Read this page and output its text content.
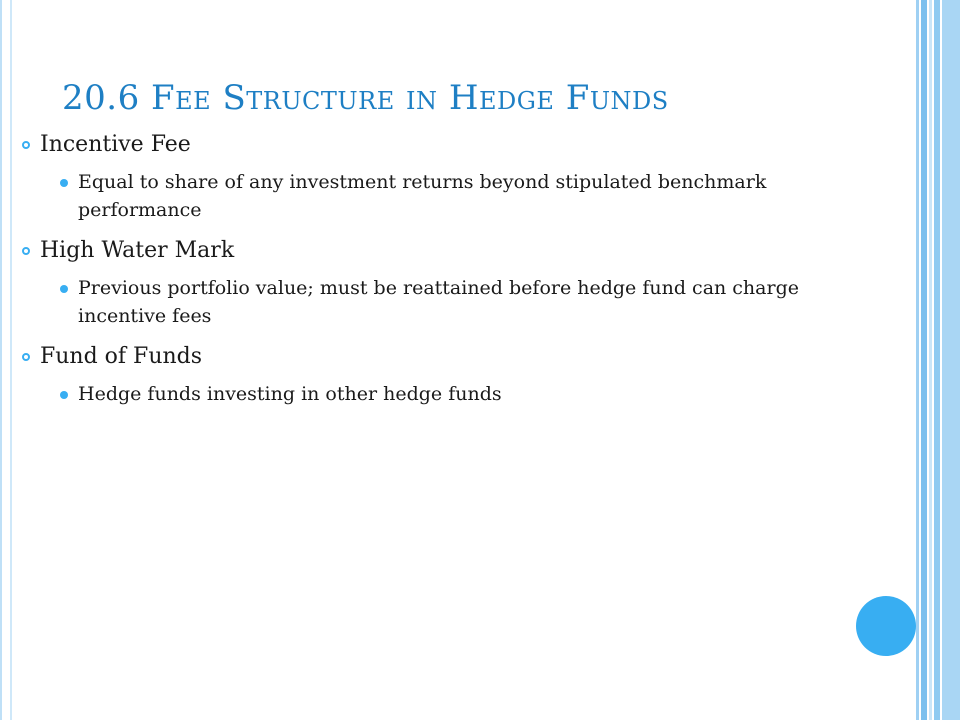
20.6 Fee Structure in Hedge Funds
Incentive Fee
Equal to share of any investment returns beyond stipulated benchmark performance
High Water Mark
Previous portfolio value; must be reattained before hedge fund can charge incentive fees
Fund of Funds
Hedge funds investing in other hedge funds
